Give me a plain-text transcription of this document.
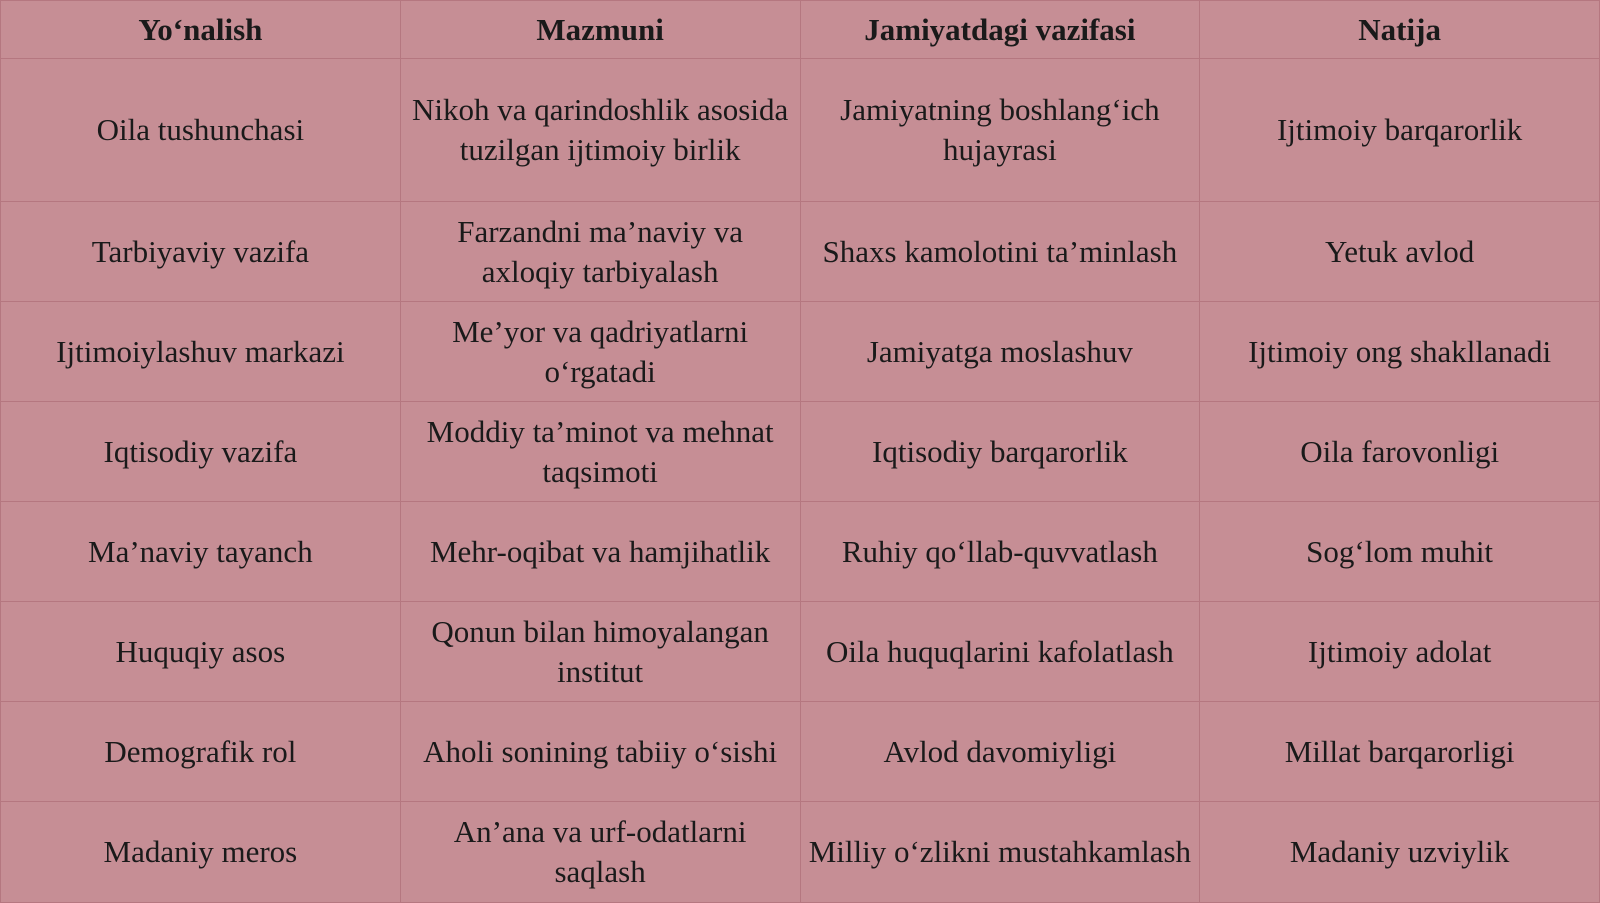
Yo‘nalish	Mazmuni	Jamiyatdagi vazifasi	Natija
Oila tushunchasi	Nikoh va qarindoshlik asosida tuzilgan ijtimoiy birlik	Jamiyatning boshlang‘ich hujayrasi	Ijtimoiy barqarorlik
Tarbiyaviy vazifa	Farzandni ma’naviy va axloqiy tarbiyalash	Shaxs kamolotini ta’minlash	Yetuk avlod
Ijtimoiylashuv markazi	Me’yor va qadriyatlarni o‘rgatadi	Jamiyatga moslashuv	Ijtimoiy ong shakllanadi
Iqtisodiy vazifa	Moddiy ta’minot va mehnat taqsimoti	Iqtisodiy barqarorlik	Oila farovonligi
Ma’naviy tayanch	Mehr-oqibat va hamjihatlik	Ruhiy qo‘llab-quvvatlash	Sog‘lom muhit
Huquqiy asos	Qonun bilan himoyalangan institut	Oila huquqlarini kafolatlash	Ijtimoiy adolat
Demografik rol	Aholi sonining tabiiy o‘sishi	Avlod davomiyligi	Millat barqarorligi
Madaniy meros	An’ana va urf-odatlarni saqlash	Milliy o‘zlikni mustahkamlash	Madaniy uzviylik
